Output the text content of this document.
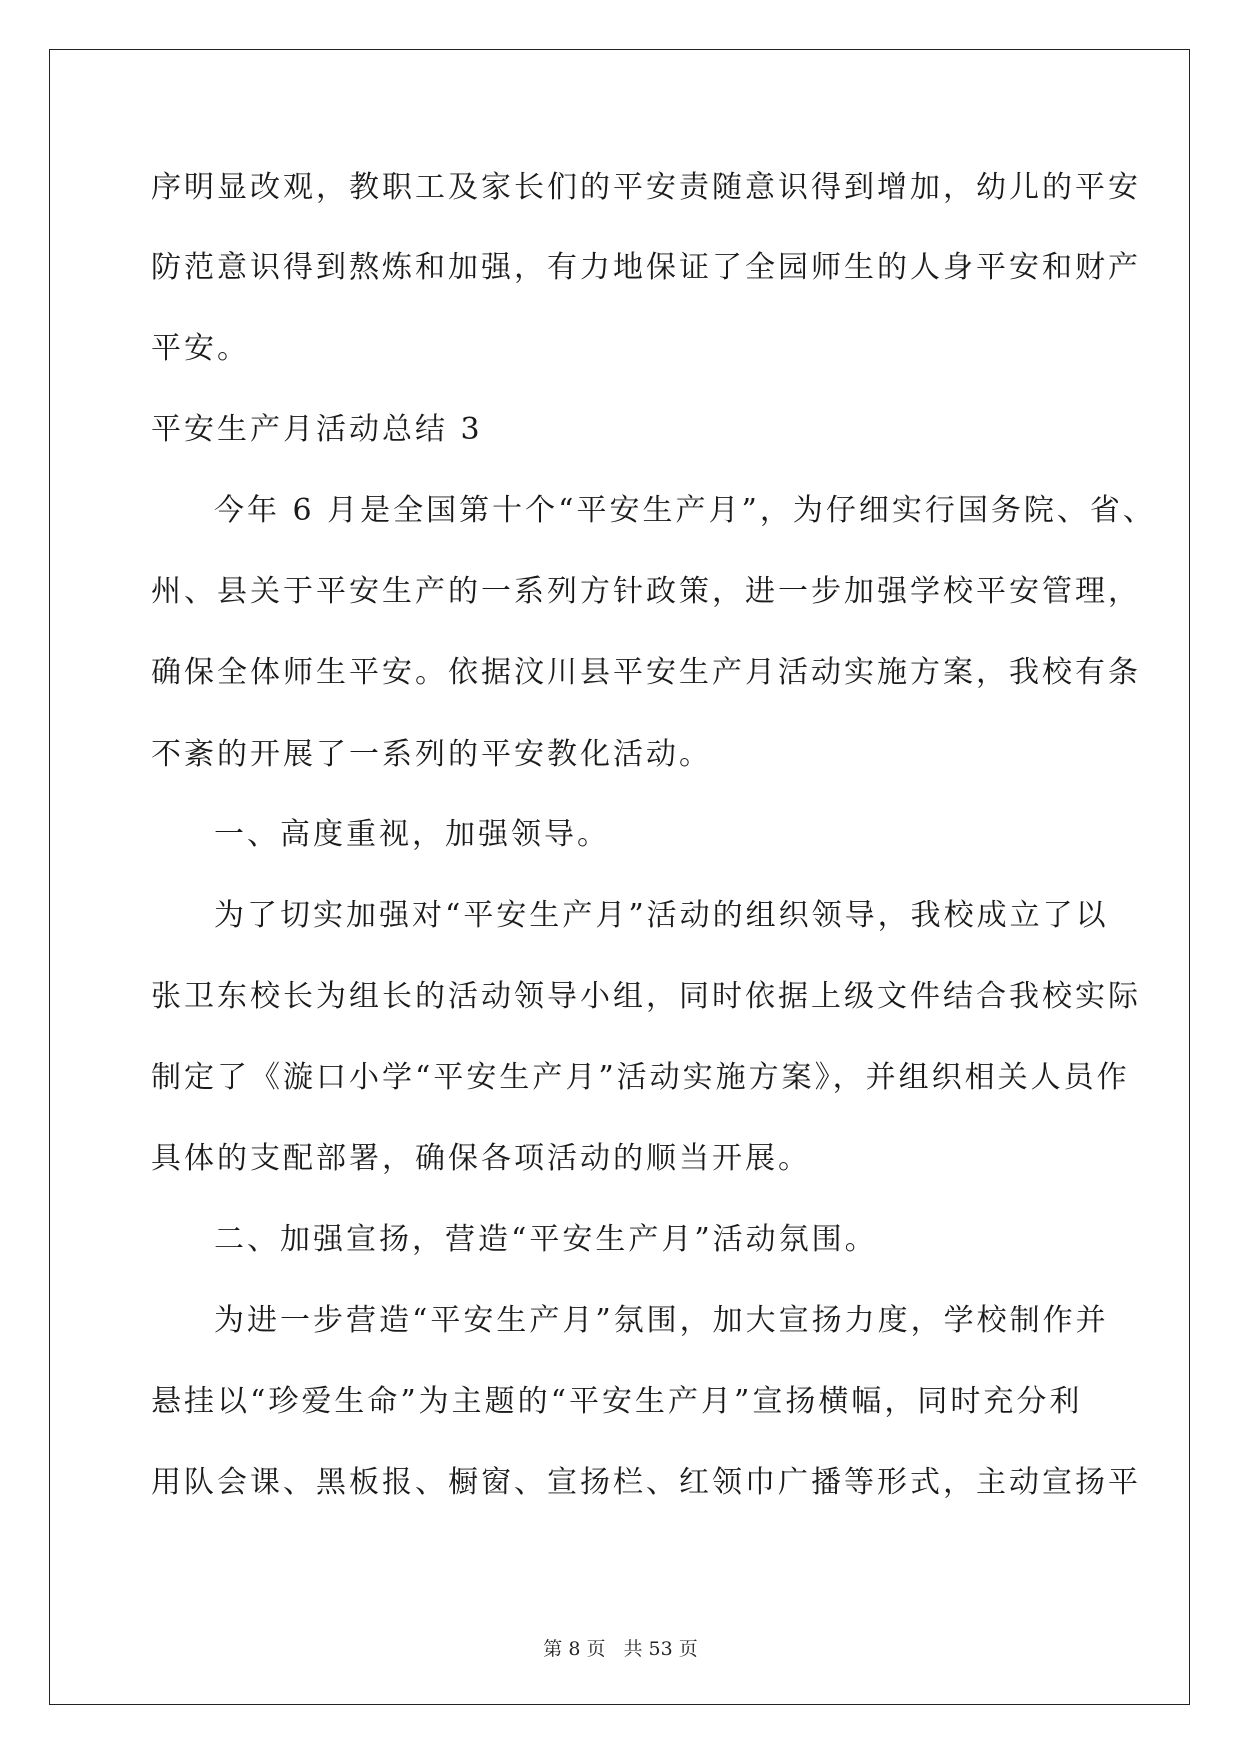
序明显改观，教职工及家长们的平安责随意识得到增加，幼儿的平安
防范意识得到熬炼和加强，有力地保证了全园师生的人身平安和财产
平安。
平安生产月活动总结 3
今年 6 月是全国第十个“平安生产月”，为仔细实行国务院、省、
州、县关于平安生产的一系列方针政策，进一步加强学校平安管理，
确保全体师生平安。依据汶川县平安生产月活动实施方案，我校有条
不紊的开展了一系列的平安教化活动。
一、高度重视，加强领导。
为了切实加强对“平安生产月”活动的组织领导，我校成立了以
张卫东校长为组长的活动领导小组，同时依据上级文件结合我校实际
制定了《漩口小学“平安生产月”活动实施方案》，并组织相关人员作
具体的支配部署，确保各项活动的顺当开展。
二、加强宣扬，营造“平安生产月”活动氛围。
为进一步营造“平安生产月”氛围，加大宣扬力度，学校制作并
悬挂以“珍爱生命”为主题的“平安生产月”宣扬横幅，同时充分利
用队会课、黑板报、橱窗、宣扬栏、红领巾广播等形式，主动宣扬平
第 8 页 共 53 页
